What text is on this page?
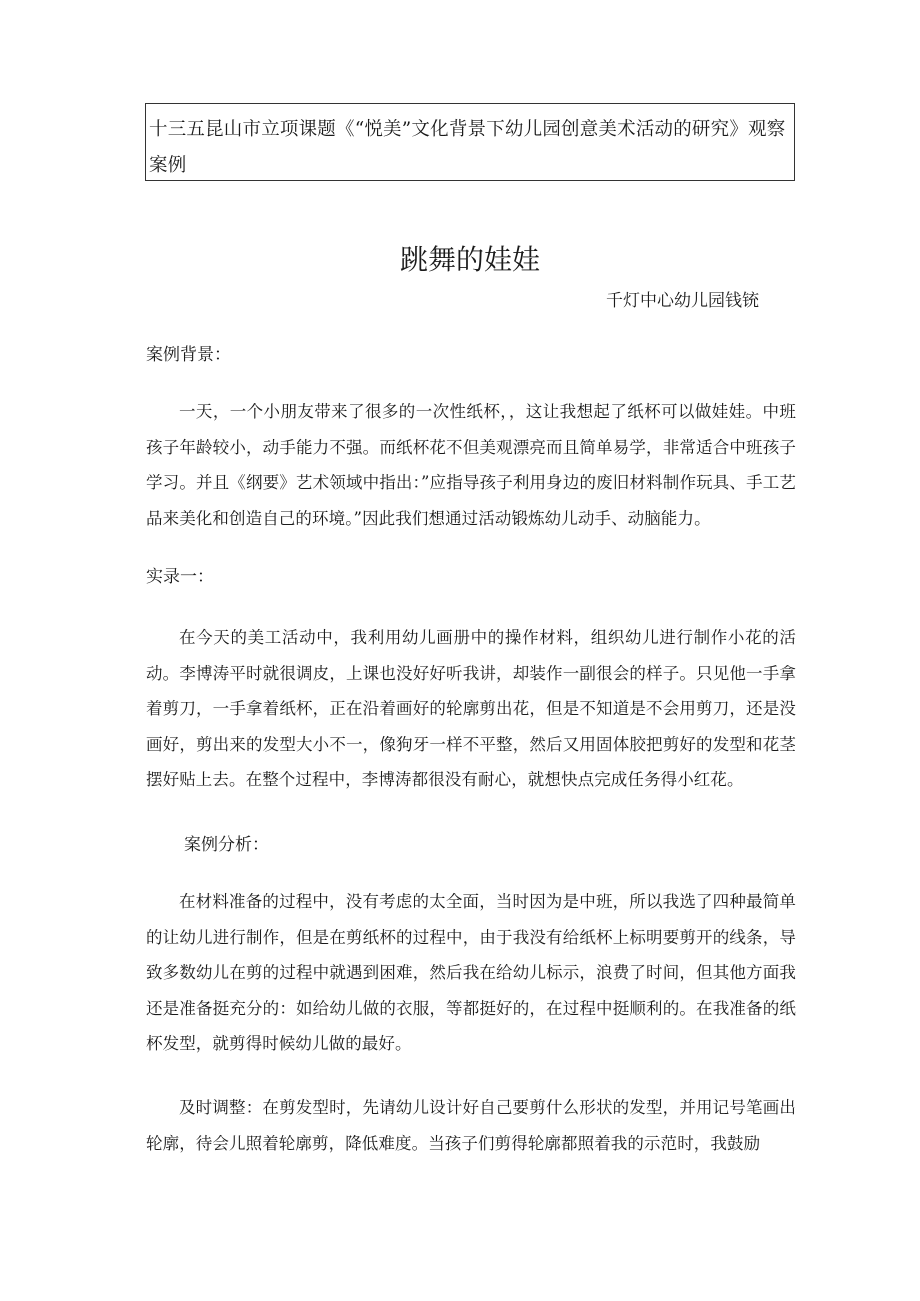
十三五昆山市立项课题《“悦美”文化背景下幼儿园创意美术活动的研究》观察案例

跳舞的娃娃

千灯中心幼儿园钱铳

案例背景：

一天，一个小朋友带来了很多的一次性纸杯，，这让我想起了纸杯可以做娃娃。中班孩子年龄较小，动手能力不强。而纸杯花不但美观漂亮而且简单易学，非常适合中班孩子学习。并且《纲要》艺术领域中指出：”应指导孩子利用身边的废旧材料制作玩具、手工艺品来美化和创造自己的环境。”因此我们想通过活动锻炼幼儿动手、动脑能力。

实录一：

在今天的美工活动中，我利用幼儿画册中的操作材料，组织幼儿进行制作小花的活动。李博涛平时就很调皮，上课也没好好听我讲，却装作一副很会的样子。只见他一手拿着剪刀，一手拿着纸杯，正在沿着画好的轮廓剪出花，但是不知道是不会用剪刀，还是没画好，剪出来的发型大小不一，像狗牙一样不平整，然后又用固体胶把剪好的发型和花茎摆好贴上去。在整个过程中，李博涛都很没有耐心，就想快点完成任务得小红花。

案例分析：

在材料准备的过程中，没有考虑的太全面，当时因为是中班，所以我选了四种最简单的让幼儿进行制作，但是在剪纸杯的过程中，由于我没有给纸杯上标明要剪开的线条，导致多数幼儿在剪的过程中就遇到困难，然后我在给幼儿标示，浪费了时间，但其他方面我还是准备挺充分的：如给幼儿做的衣服，等都挺好的，在过程中挺顺利的。在我准备的纸杯发型，就剪得时候幼儿做的最好。

及时调整：在剪发型时，先请幼儿设计好自己要剪什么形状的发型，并用记号笔画出轮廓，待会儿照着轮廓剪，降低难度。当孩子们剪得轮廓都照着我的示范时，我鼓励
